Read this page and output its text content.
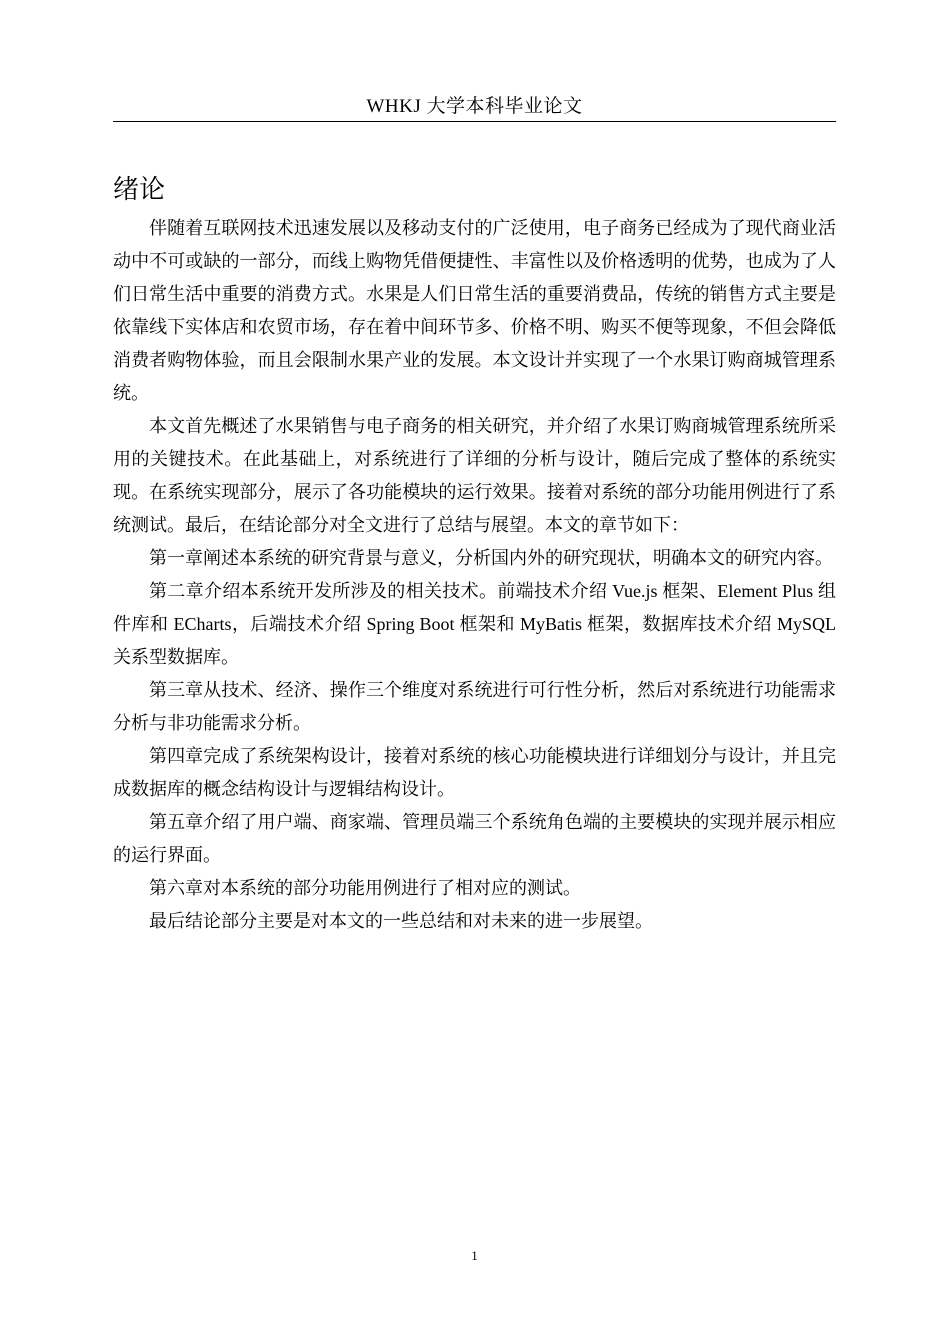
WHKJ 大学本科毕业论文
绪论

伴随着互联网技术迅速发展以及移动支付的广泛使用，电子商务已经成为了现代商业活动中不可或缺的一部分，而线上购物凭借便捷性、丰富性以及价格透明的优势，也成为了人们日常生活中重要的消费方式。水果是人们日常生活的重要消费品，传统的销售方式主要是依靠线下实体店和农贸市场，存在着中间环节多、价格不明、购买不便等现象，不但会降低消费者购物体验，而且会限制水果产业的发展。本文设计并实现了一个水果订购商城管理系统。

本文首先概述了水果销售与电子商务的相关研究，并介绍了水果订购商城管理系统所采用的关键技术。在此基础上，对系统进行了详细的分析与设计，随后完成了整体的系统实现。在系统实现部分，展示了各功能模块的运行效果。接着对系统的部分功能用例进行了系统测试。最后，在结论部分对全文进行了总结与展望。本文的章节如下：

第一章阐述本系统的研究背景与意义，分析国内外的研究现状，明确本文的研究内容。

第二章介绍本系统开发所涉及的相关技术。前端技术介绍 Vue.js 框架、Element Plus 组件库和 ECharts，后端技术介绍 Spring Boot 框架和 MyBatis 框架，数据库技术介绍 MySQL 关系型数据库。

第三章从技术、经济、操作三个维度对系统进行可行性分析，然后对系统进行功能需求分析与非功能需求分析。

第四章完成了系统架构设计，接着对系统的核心功能模块进行详细划分与设计，并且完成数据库的概念结构设计与逻辑结构设计。

第五章介绍了用户端、商家端、管理员端三个系统角色端的主要模块的实现并展示相应的运行界面。

第六章对本系统的部分功能用例进行了相对应的测试。

最后结论部分主要是对本文的一些总结和对未来的进一步展望。

1
